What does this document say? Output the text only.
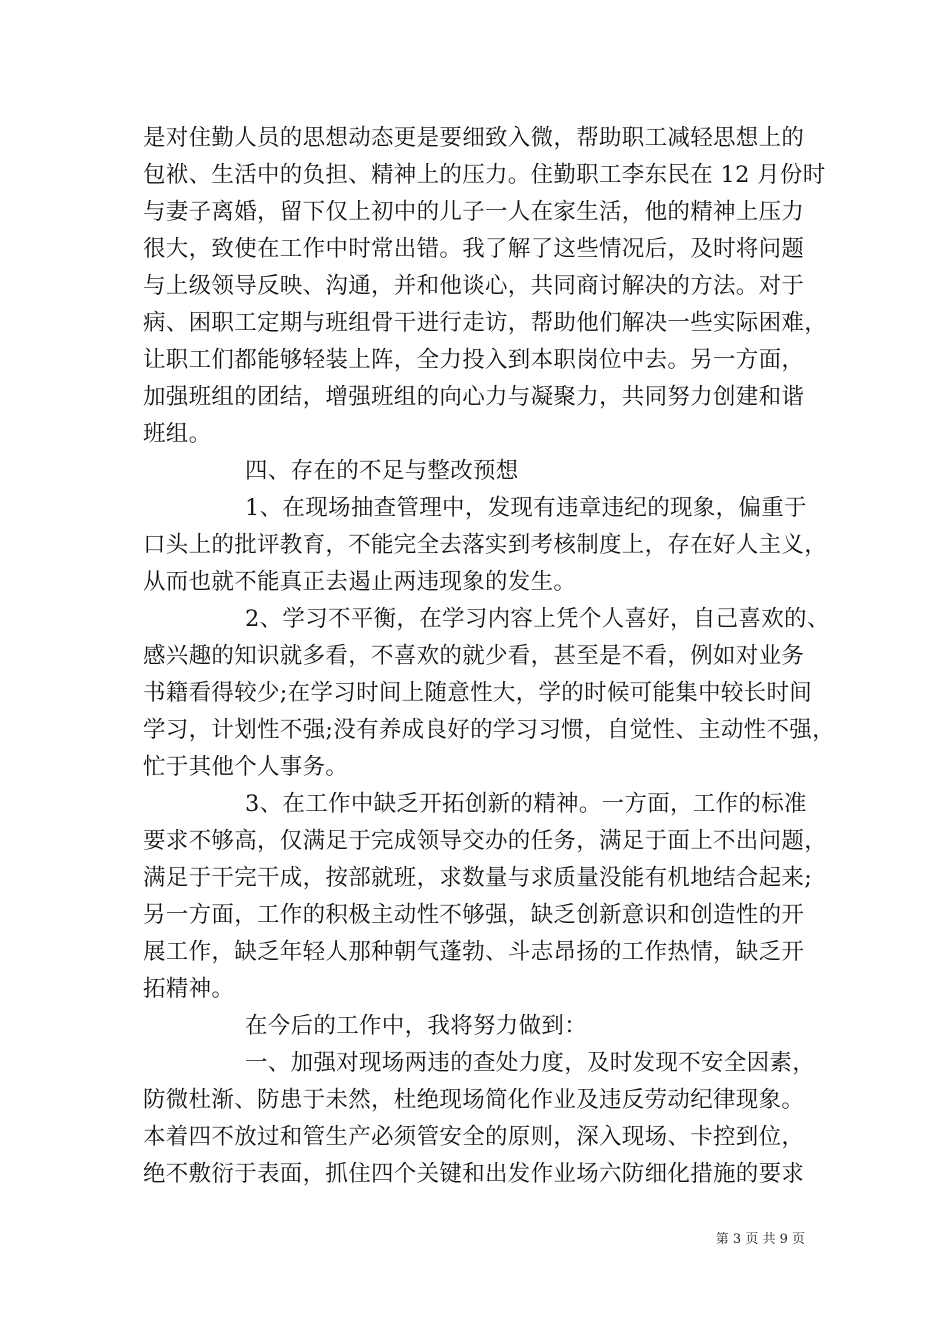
是对住勤人员的思想动态更是要细致入微，帮助职工减轻思想上的
包袱、生活中的负担、精神上的压力。住勤职工李东民在 12 月份时
与妻子离婚，留下仅上初中的儿子一人在家生活，他的精神上压力
很大，致使在工作中时常出错。我了解了这些情况后，及时将问题
与上级领导反映、沟通，并和他谈心，共同商讨解决的方法。对于
病、困职工定期与班组骨干进行走访，帮助他们解决一些实际困难，
让职工们都能够轻装上阵，全力投入到本职岗位中去。另一方面，
加强班组的团结，增强班组的向心力与凝聚力，共同努力创建和谐
班组。
四、存在的不足与整改预想
1、在现场抽查管理中，发现有违章违纪的现象，偏重于
口头上的批评教育，不能完全去落实到考核制度上，存在好人主义，
从而也就不能真正去遏止两违现象的发生。
2、学习不平衡，在学习内容上凭个人喜好，自己喜欢的、
感兴趣的知识就多看，不喜欢的就少看，甚至是不看，例如对业务
书籍看得较少;在学习时间上随意性大，学的时候可能集中较长时间
学习，计划性不强;没有养成良好的学习习惯，自觉性、主动性不强，
忙于其他个人事务。
3、在工作中缺乏开拓创新的精神。一方面，工作的标准
要求不够高，仅满足于完成领导交办的任务，满足于面上不出问题，
满足于干完干成，按部就班，求数量与求质量没能有机地结合起来;
另一方面，工作的积极主动性不够强，缺乏创新意识和创造性的开
展工作，缺乏年轻人那种朝气蓬勃、斗志昂扬的工作热情，缺乏开
拓精神。
在今后的工作中，我将努力做到：
一、加强对现场两违的查处力度，及时发现不安全因素，
防微杜渐、防患于未然，杜绝现场简化作业及违反劳动纪律现象。
本着四不放过和管生产必须管安全的原则，深入现场、卡控到位，
绝不敷衍于表面，抓住四个关键和出发作业场六防细化措施的要求
第 3 页 共 9 页
